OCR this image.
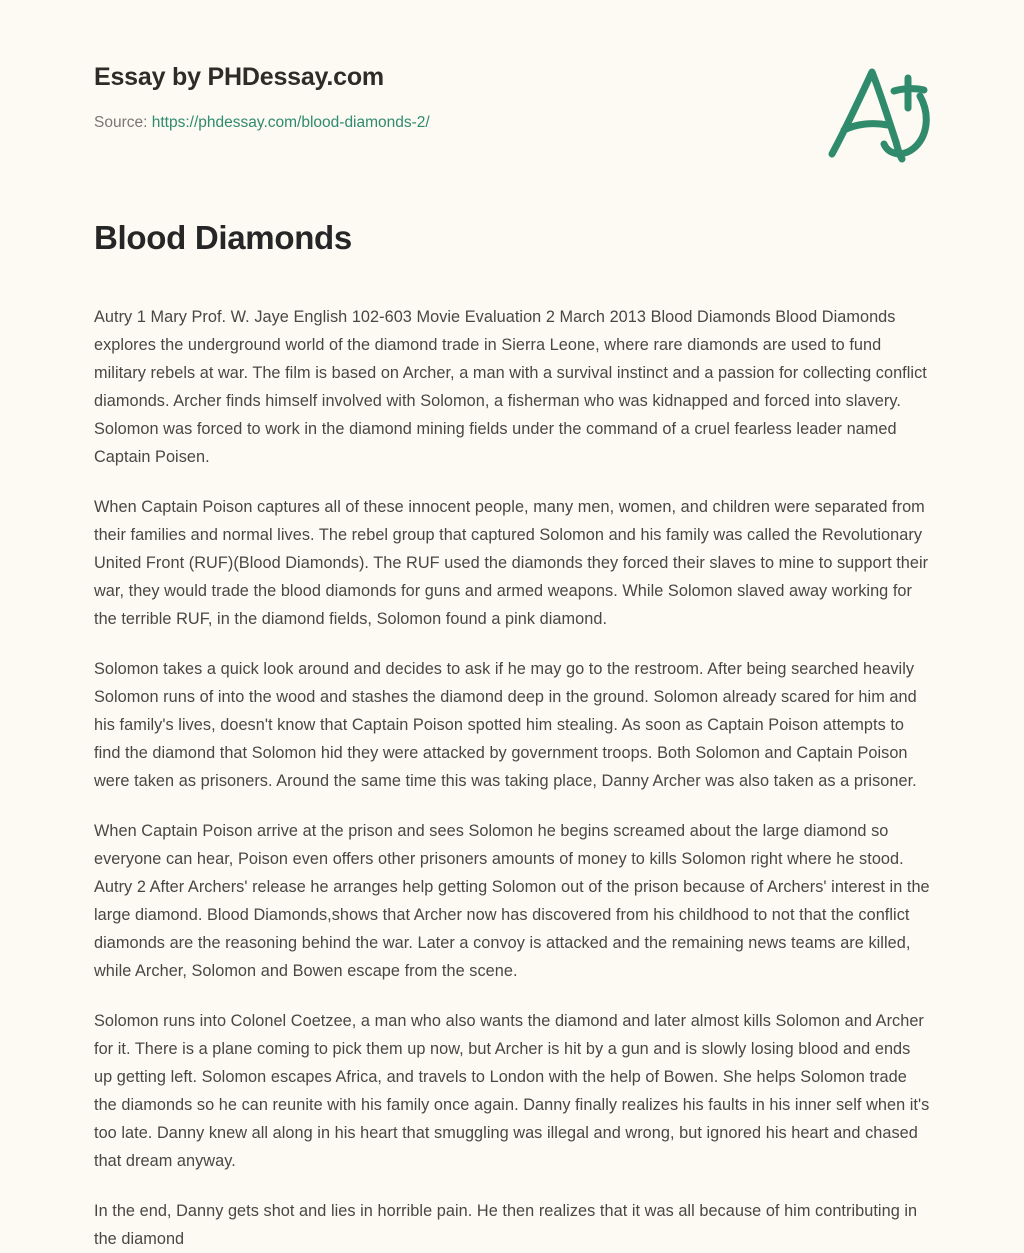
Essay by PHDessay.com
Source: https://phdessay.com/blood-diamonds-2/
Blood Diamonds

Autry 1 Mary Prof. W. Jaye English 102-603 Movie Evaluation 2 March 2013 Blood Diamonds Blood Diamonds explores the underground world of the diamond trade in Sierra Leone, where rare diamonds are used to fund military rebels at war. The film is based on Archer, a man with a survival instinct and a passion for collecting conflict diamonds. Archer finds himself involved with Solomon, a fisherman who was kidnapped and forced into slavery. Solomon was forced to work in the diamond mining fields under the command of a cruel fearless leader named Captain Poisen.

When Captain Poison captures all of these innocent people, many men, women, and children were separated from their families and normal lives. The rebel group that captured Solomon and his family was called the Revolutionary United Front (RUF)(Blood Diamonds). The RUF used the diamonds they forced their slaves to mine to support their war, they would trade the blood diamonds for guns and armed weapons. While Solomon slaved away working for the terrible RUF, in the diamond fields, Solomon found a pink diamond.

Solomon takes a quick look around and decides to ask if he may go to the restroom. After being searched heavily Solomon runs of into the wood and stashes the diamond deep in the ground. Solomon already scared for him and his family's lives, doesn't know that Captain Poison spotted him stealing. As soon as Captain Poison attempts to find the diamond that Solomon hid they were attacked by government troops. Both Solomon and Captain Poison were taken as prisoners. Around the same time this was taking place, Danny Archer was also taken as a prisoner.

When Captain Poison arrive at the prison and sees Solomon he begins screamed about the large diamond so everyone can hear, Poison even offers other prisoners amounts of money to kills Solomon right where he stood. Autry 2 After Archers' release he arranges help getting Solomon out of the prison because of Archers' interest in the large diamond. Blood Diamonds,shows that Archer now has discovered from his childhood to not that the conflict diamonds are the reasoning behind the war. Later a convoy is attacked and the remaining news teams are killed, while Archer, Solomon and Bowen escape from the scene.

Solomon runs into Colonel Coetzee, a man who also wants the diamond and later almost kills Solomon and Archer for it. There is a plane coming to pick them up now, but Archer is hit by a gun and is slowly losing blood and ends up getting left. Solomon escapes Africa, and travels to London with the help of Bowen. She helps Solomon trade the diamonds so he can reunite with his family once again. Danny finally realizes his faults in his inner self when it's too late. Danny knew all along in his heart that smuggling was illegal and wrong, but ignored his heart and chased that dream anyway.

In the end, Danny gets shot and lies in horrible pain. He then realizes that it was all because of him contributing in the diamond
